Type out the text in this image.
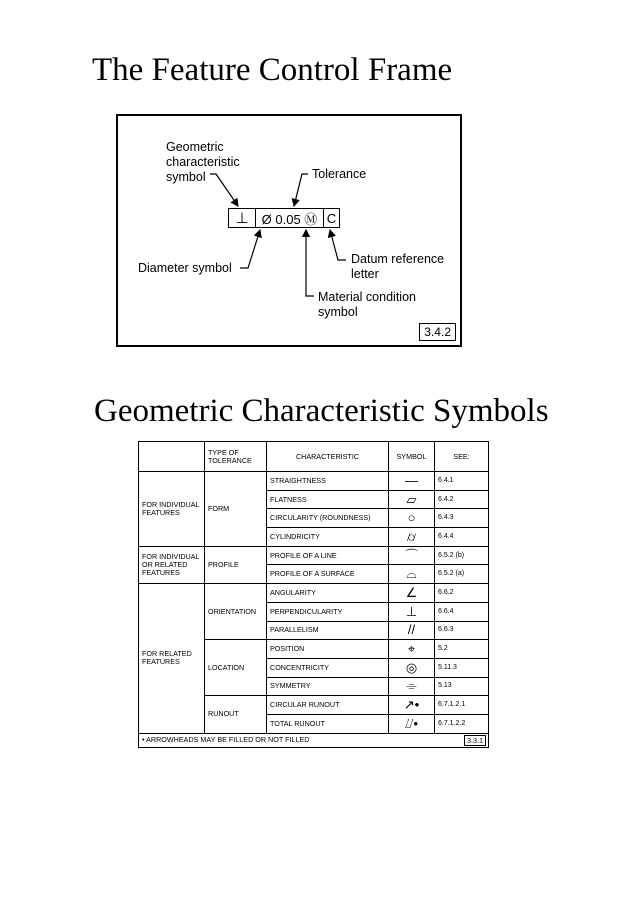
The Feature Control Frame
Geometric
characteristic
symbol	Tolerance
⊥	Ø 0.05 Ⓜ C
Diameter symbol
Datum reference
letter
Material condition
symbol
3.4.2
Geometric Characteristic Symbols
	TYPE OF TOLERANCE	CHARACTERISTIC	SYMBOL	SEE:
FOR INDIVIDUAL FEATURES	FORM	STRAIGHTNESS	—	6.4.1
		FLATNESS	▱	6.4.2
		CIRCULARITY (ROUNDNESS)	○	6.4.3
		CYLINDRICITY	⌭	6.4.4
FOR INDIVIDUAL OR RELATED FEATURES	PROFILE	PROFILE OF A LINE	⌒	6.5.2 (b)
		PROFILE OF A SURFACE	⌓	6.5.2 (a)
FOR RELATED FEATURES	ORIENTATION	ANGULARITY	∠	6.6.2
		PERPENDICULARITY	⊥	6.6.4
		PARALLELISM	//	6.6.3
	LOCATION	POSITION	⌖	5.2
		CONCENTRICITY	◎	5.11.3
		SYMMETRY	⌯	5.13
	RUNOUT	CIRCULAR RUNOUT	↗•	6.7.1.2.1
		TOTAL RUNOUT	⌰•	6.7.1.2.2
• ARROWHEADS MAY BE FILLED OR NOT FILLED 3.3.1				
